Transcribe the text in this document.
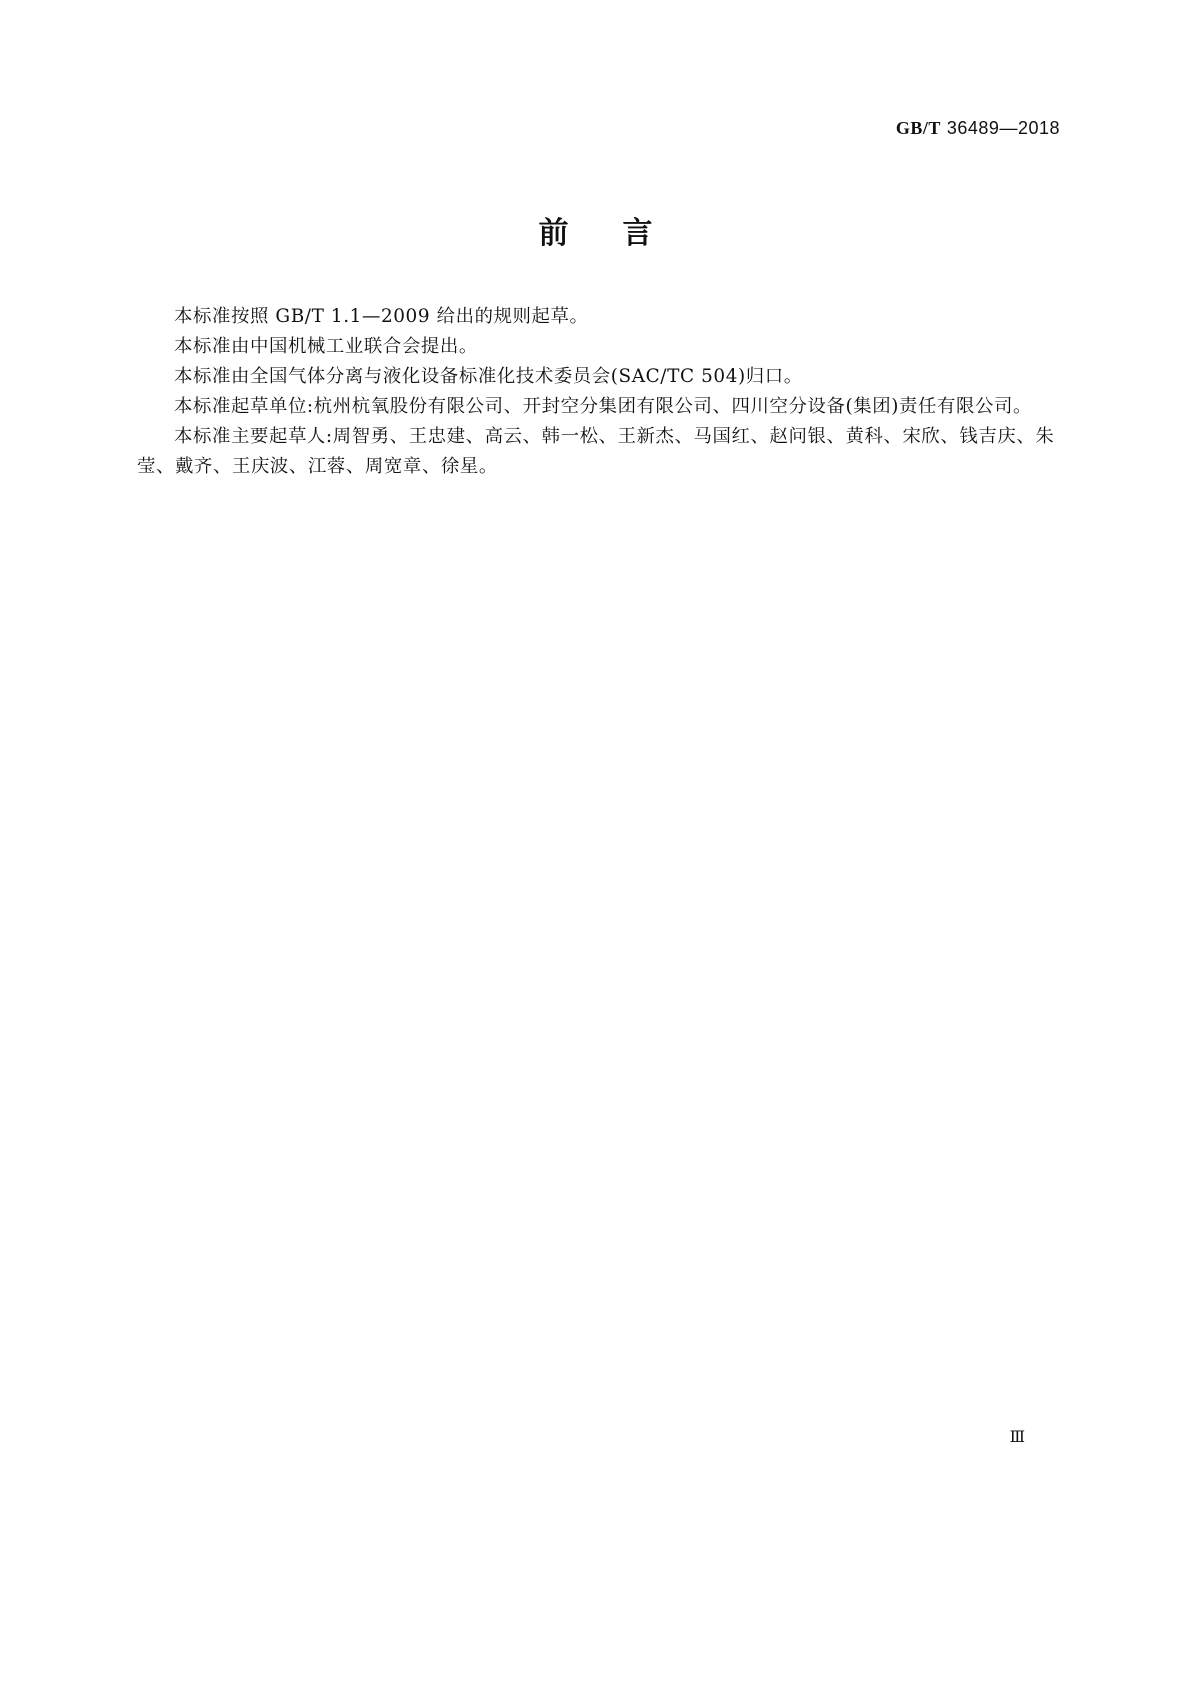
GB/T 36489—2018
前言

本标准按照 GB/T 1.1—2009 给出的规则起草。

本标准由中国机械工业联合会提出。

本标准由全国气体分离与液化设备标准化技术委员会(SAC/TC 504)归口。

本标准起草单位:杭州杭氧股份有限公司、开封空分集团有限公司、四川空分设备(集团)责任有限公司。

本标准主要起草人:周智勇、王忠建、高云、韩一松、王新杰、马国红、赵问银、黄科、宋欣、钱吉庆、朱莹、戴齐、王庆波、江蓉、周宽章、徐星。

Ⅲ
